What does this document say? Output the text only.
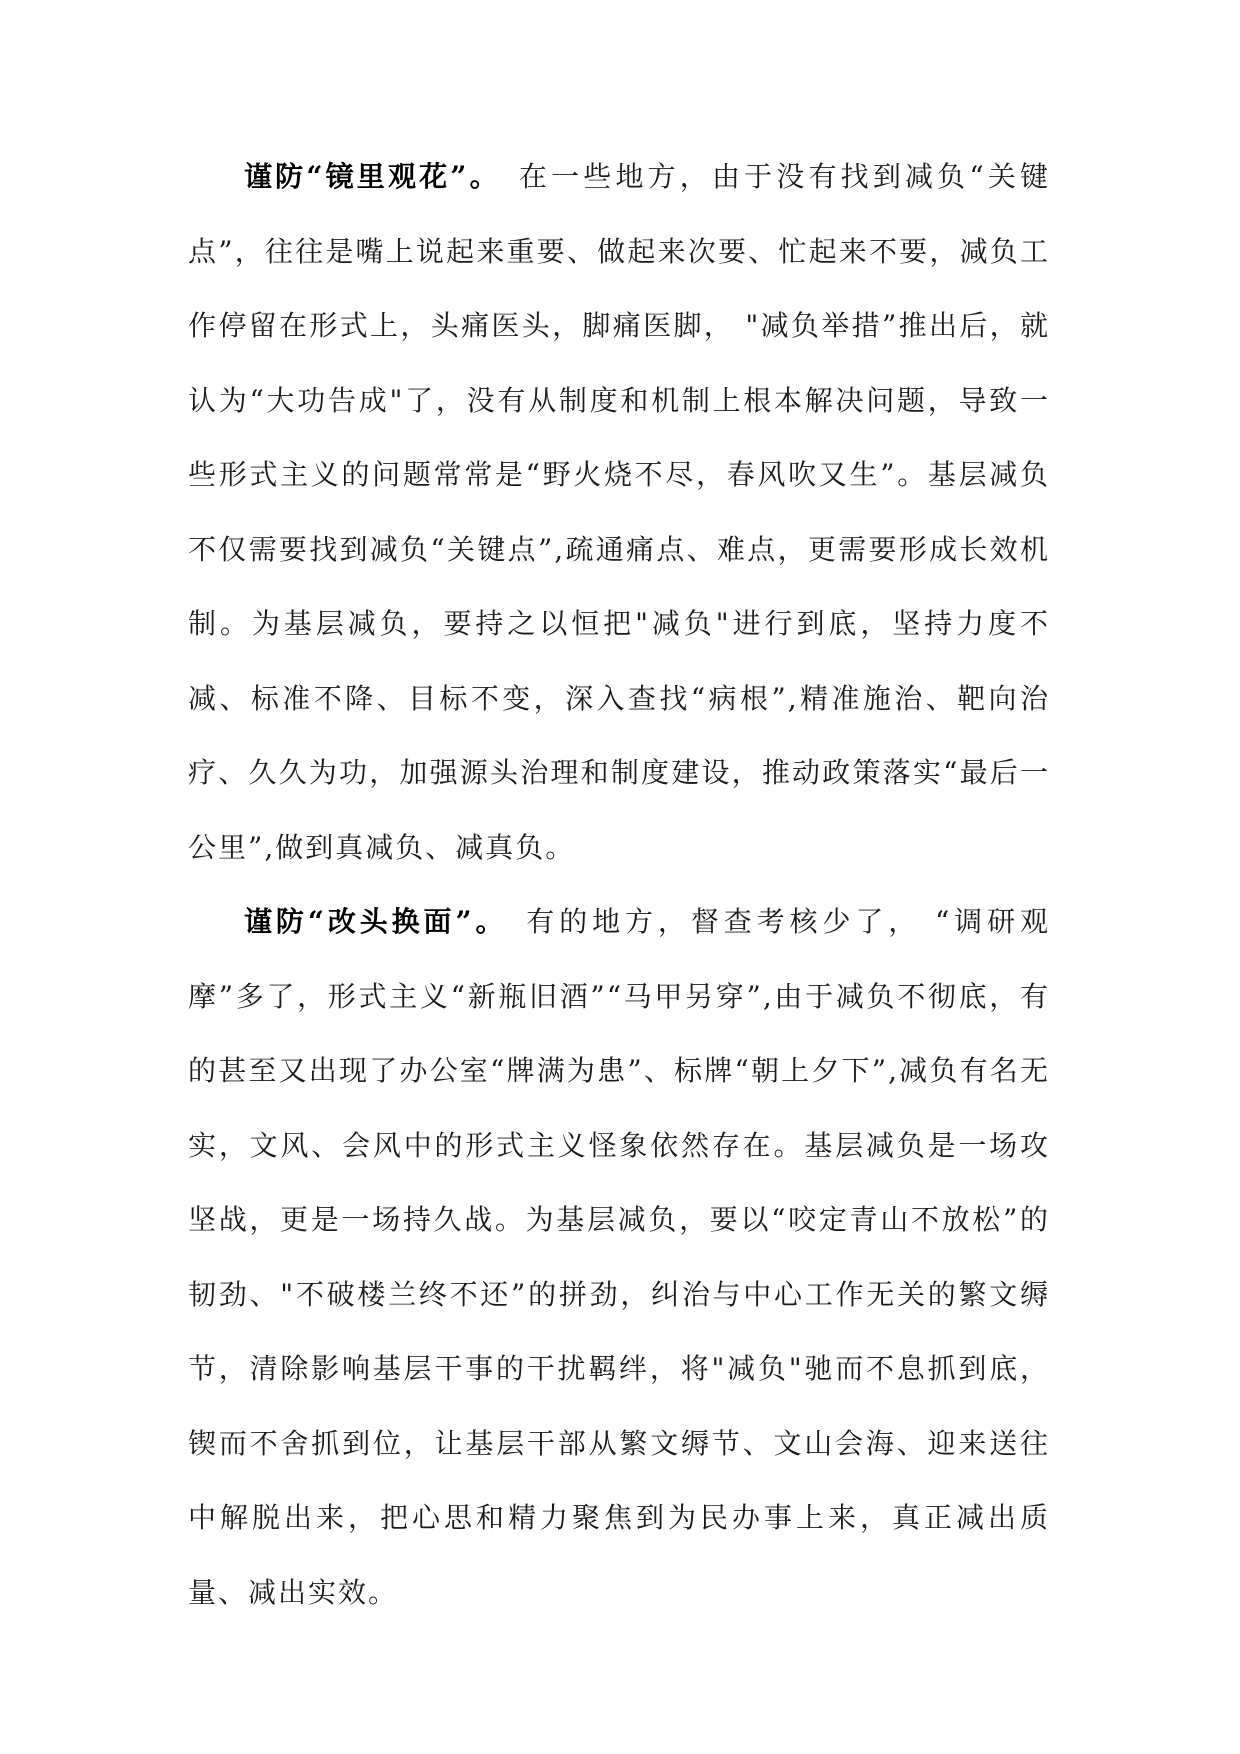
谨防“镜里观花”。 在一些地方，由于没有找到减负“关键点”，往往是嘴上说起来重要、做起来次要、忙起来不要，减负工作停留在形式上，头痛医头，脚痛医脚， "减负举措”推出后，就认为“大功告成"了，没有从制度和机制上根本解决问题，导致一些形式主义的问题常常是“野火烧不尽，春风吹又生”。基层减负不仅需要找到减负“关键点”,疏通痛点、难点，更需要形成长效机制。为基层减负，要持之以恒把"减负"进行到底，坚持力度不减、标准不降、目标不变，深入查找“病根”,精准施治、靶向治疗、久久为功，加强源头治理和制度建设，推动政策落实“最后一公里”,做到真减负、减真负。

谨防“改头换面”。 有的地方，督查考核少了， “调研观摩”多了，形式主义“新瓶旧酒”“马甲另穿”,由于减负不彻底，有的甚至又出现了办公室“牌满为患”、标牌“朝上夕下”,减负有名无实，文风、会风中的形式主义怪象依然存在。基层减负是一场攻坚战，更是一场持久战。为基层减负，要以“咬定青山不放松”的韧劲、"不破楼兰终不还”的拼劲，纠治与中心工作无关的繁文缛节，清除影响基层干事的干扰羁绊，将"减负"驰而不息抓到底，锲而不舍抓到位，让基层干部从繁文缛节、文山会海、迎来送往中解脱出来，把心思和精力聚焦到为民办事上来，真正减出质量、减出实效。
